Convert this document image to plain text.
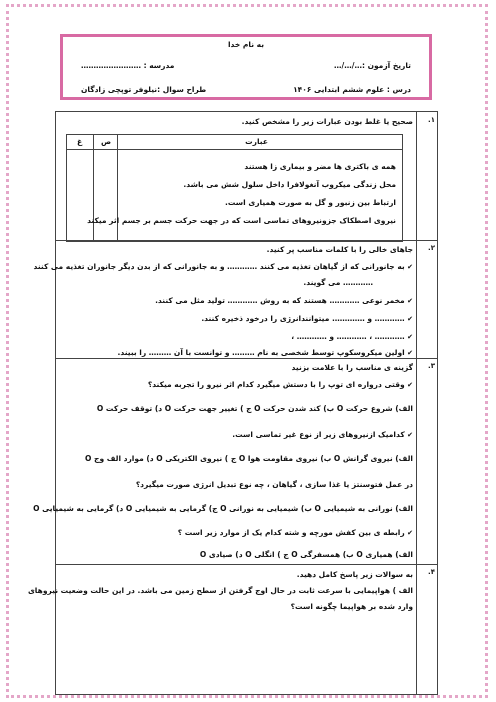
به نام خدا
تاریخ آزمون :…/…/…
مدرسه : ……………………
درس : علوم ششم ابتدایی ۱۴۰۶
طراح سوال :نیلوفر توپچی زادگان
۱.
صحیح یا غلط بودن عبارات زیر را مشخص کنید.
عبارت
ص
غ
همه ی باکتری ها مضر و بیماری زا هستند
محل زندگی میکروب آنغولافرا داخل سلول شش می باشد.
ارتباط بین زنبور و گل به صورت همیاری است.
نیروی اصطکاک جزونیروهای تماسی است که در جهت حرکت جسم بر جسم اثر میکند
۲.
جاهای خالی را با کلمات مناسب پر کنید.
✔ به جانورانی که از گیاهان تغذیه می کنند ………… و به جانورانی که از بدن دیگر جانوران تغذیه می کنند
………… می گویند.
✔ مخمر نوعی ………… هستند که به روش ………… تولید مثل می کنند.
✔ ………… و …………. میتوانندانرژی را درخود ذخیره کنند.
✔ ………… ، ………… و ………… ،
✔ اولین میکروسکوپ توسط شخصی به نام ……… و توانست با آن ……… را ببیند.
۳.
گزینه ی مناسب را با علامت بزنید
✔ وقتی درواره ای توپ را با دستش میگیرد کدام اثر نیرو را تجربه میکند؟
الف) شروع حرکت O ب) کند شدن حرکت O ج ) تغییر جهت حرکت O د) توقف حرکت O
✔ کدامیک ازنیروهای زیر از نوع غیر تماسی است.
الف) نیروی گرانش O ب) نیروی مقاومت هوا O ج ) نیروی الکتریکی O د) موارد الف وج O
در عمل فتوسنتز یا غذا سازی ، گیاهان ، چه نوع تبدیل انرژی صورت میگیرد؟
الف) نورانی به شیمیایی O ب) شیمیایی به نورانی O ج) گرمایی به شیمیایی O د) گرمایی به شیمیایی O
✔ رابطه ی بین کفش مورچه و شته کدام یک از موارد زیر است ؟
الف) همیاری O ب) همسفرگی O ج ) انگلی O د) صیادی O
۴.
به سوالات زیر پاسخ کامل دهید.
الف ) هواپیمایی با سرعت ثابت در حال اوج گرفتن از سطح زمین می باشد. در این حالت وضعیت نیروهای
وارد شده بر هواپیما چگونه است؟
